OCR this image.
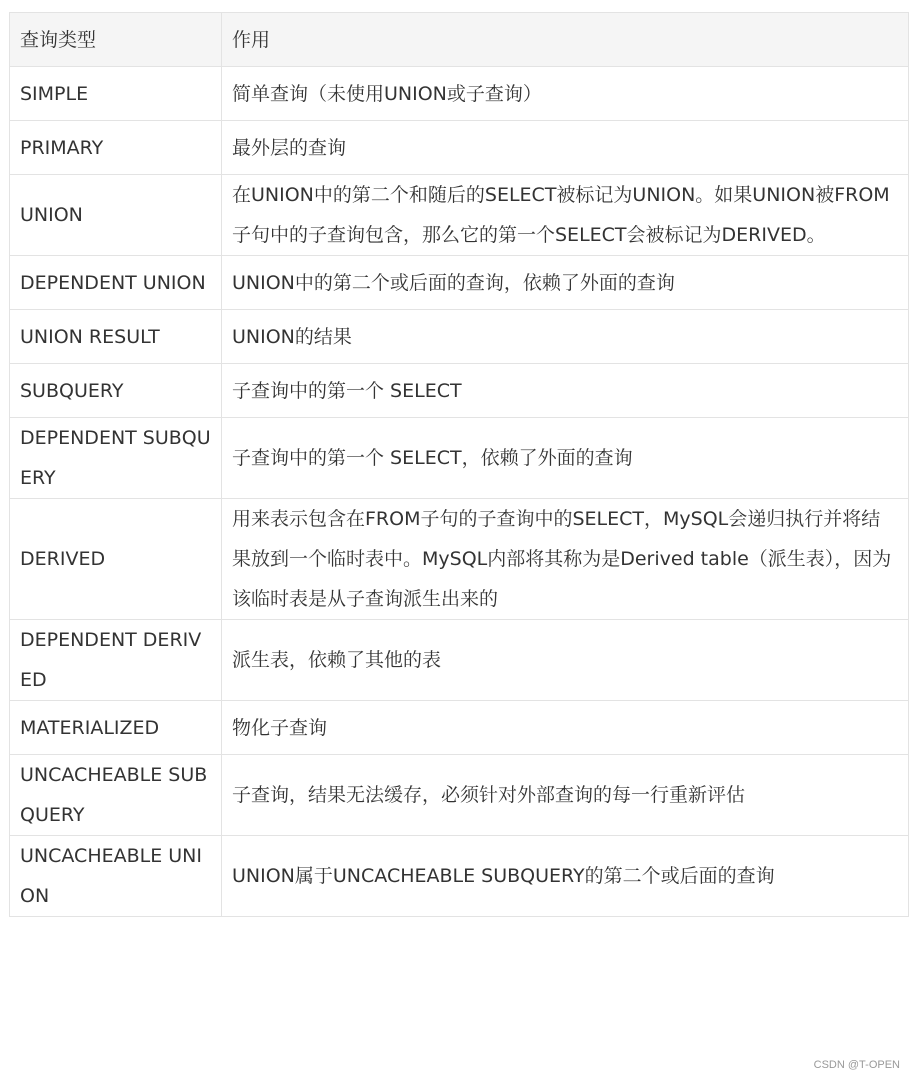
查询类型	作用
SIMPLE	简单查询（未使用UNION或子查询）
PRIMARY	最外层的查询
UNION	在UNION中的第二个和随后的SELECT被标记为UNION。如果UNION被FROM子句中的子查询包含，那么它的第一个SELECT会被标记为DERIVED。
DEPENDENT UNION	UNION中的第二个或后面的查询，依赖了外面的查询
UNION RESULT	UNION的结果
SUBQUERY	子查询中的第一个 SELECT
DEPENDENT SUBQUERY	子查询中的第一个 SELECT，依赖了外面的查询
DERIVED	用来表示包含在FROM子句的子查询中的SELECT，MySQL会递归执行并将结果放到一个临时表中。MySQL内部将其称为是Derived table（派生表），因为该临时表是从子查询派生出来的
DEPENDENT DERIVED	派生表，依赖了其他的表
MATERIALIZED	物化子查询
UNCACHEABLE SUBQUERY	子查询，结果无法缓存，必须针对外部查询的每一行重新评估
UNCACHEABLE UNION	UNION属于UNCACHEABLE SUBQUERY的第二个或后面的查询
CSDN @T-OPEN
